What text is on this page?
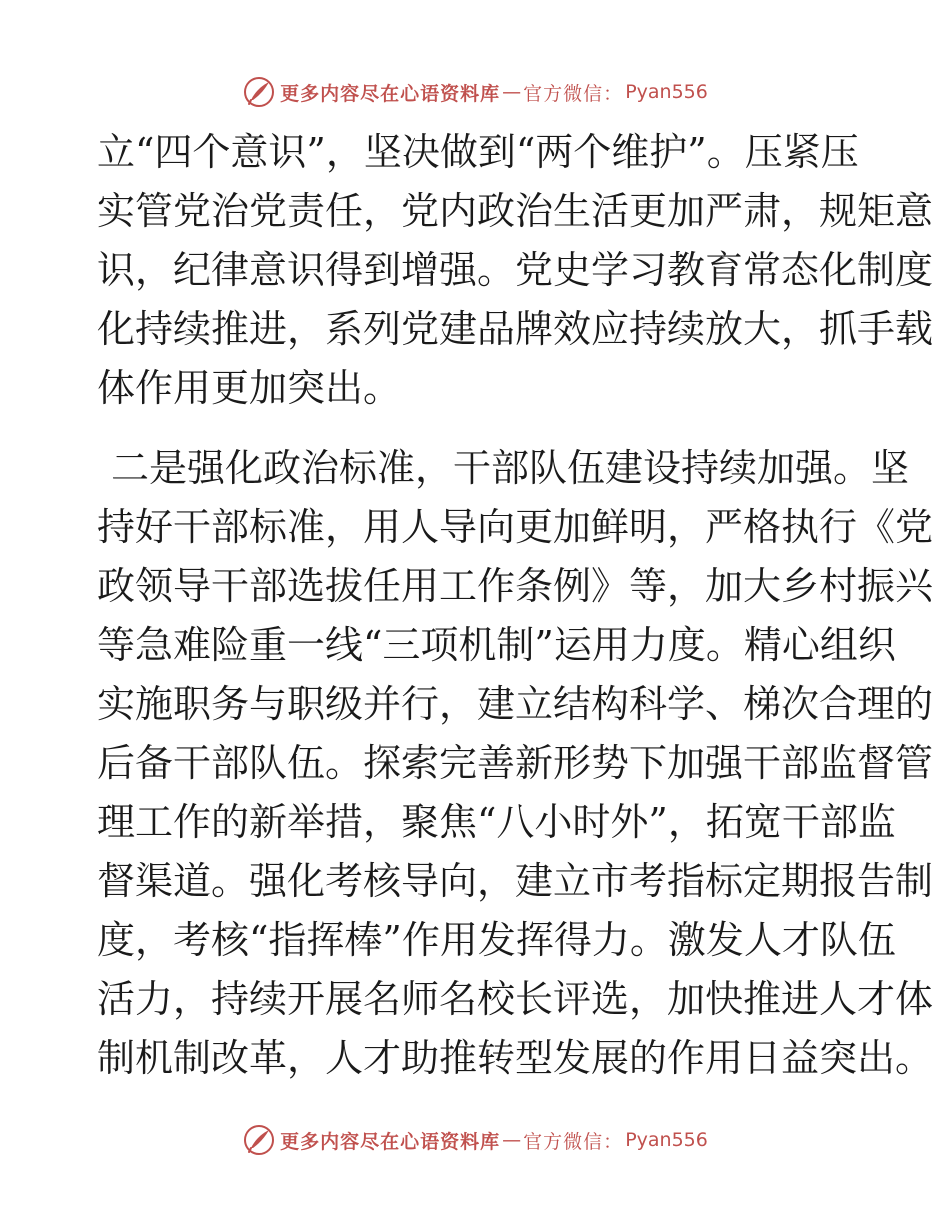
更多内容尽在心语资料库 — 官方微信： Pyan556
立“四个意识”，坚决做到“两个维护”。压紧压
实管党治党责任，党内政治生活更加严肃，规矩意
识，纪律意识得到增强。党史学习教育常态化制度
化持续推进，系列党建品牌效应持续放大，抓手载
体作用更加突出。
二是强化政治标准，干部队伍建设持续加强。坚
持好干部标准，用人导向更加鲜明，严格执行《党
政领导干部选拔任用工作条例》等，加大乡村振兴
等急难险重一线“三项机制”运用力度。精心组织
实施职务与职级并行，建立结构科学、梯次合理的
后备干部队伍。探索完善新形势下加强干部监督管
理工作的新举措，聚焦“八小时外”，拓宽干部监
督渠道。强化考核导向，建立市考指标定期报告制
度，考核“指挥棒”作用发挥得力。激发人才队伍
活力，持续开展名师名校长评选，加快推进人才体
制机制改革，人才助推转型发展的作用日益突出。
更多内容尽在心语资料库 — 官方微信： Pyan556
